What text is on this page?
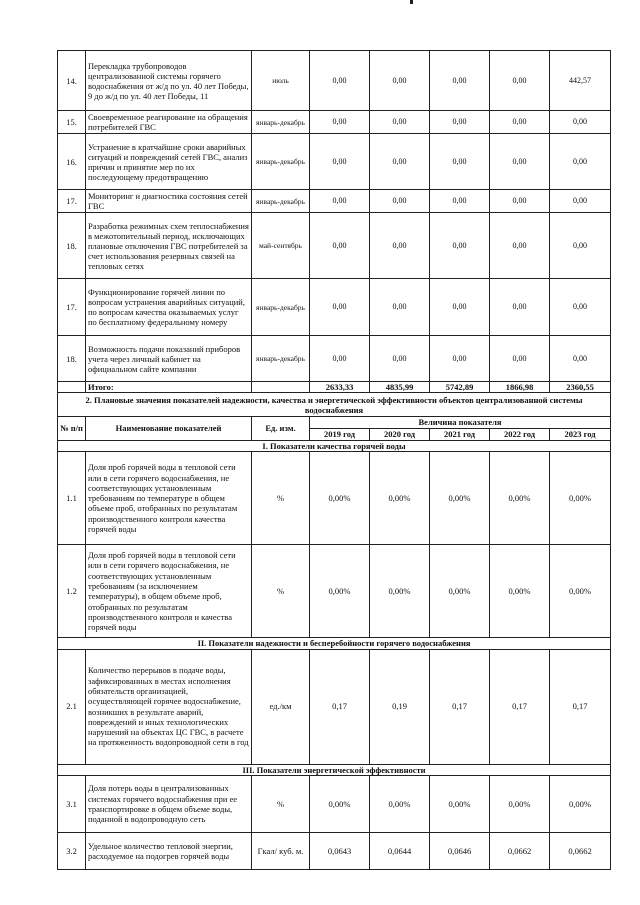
14.	Перекладка трубопроводов централизованной системы горячего водоснабжения от ж/д по ул. 40 лет Победы, 9 до ж/д по ул. 40 лет Победы, 11	июль	0,00	0,00	0,00	0,00	442,57
15.	Своевременное реагирование на обращения потребителей ГВС	январь-декабрь	0,00	0,00	0,00	0,00	0,00
16.	Устранение в кратчайшие сроки аварийных ситуаций и повреждений сетей ГВС, анализ причин и принятие мер по их последующему предотвращению	январь-декабрь	0,00	0,00	0,00	0,00	0,00
17.	Мониторинг и диагностика состояния сетей ГВС	январь-декабрь	0,00	0,00	0,00	0,00	0,00
18.	Разработка режимных схем теплоснабжения в межотопительный период, исключающих плановые отключения ГВС потребителей за счет использования резервных связей на тепловых сетях	май-сентябрь	0,00	0,00	0,00	0,00	0,00
17.	Функционирование горячей линии по вопросам устранения аварийных ситуаций, по вопросам качества оказываемых услуг по бесплатному федеральному номеру	январь-декабрь	0,00	0,00	0,00	0,00	0,00
18.	Возможность подачи показаний приборов учета через личный кабинет на официальном сайте компании	январь-декабрь	0,00	0,00	0,00	0,00	0,00
	Итого:		2633,33	4835,99	5742,89	1866,98	2360,55
2. Плановые значения показателей надежности, качества и энергетической эффективности объектов централизованной системы водоснабжения							
№ п/п	Наименование показателей	Ед. изм.	Величина показателя				
			2019 год	2020 год	2021 год	2022 год	2023 год
I. Показатели качества горячей воды							
1.1	Доля проб горячей воды в тепловой сети или в сети горячего водоснабжения, не соответствующих установленным требованиям по температуре в общем объеме проб, отобранных по результатам производственного контроля качества горячей воды	%	0,00%	0,00%	0,00%	0,00%	0,00%
1.2	Доля проб горячей воды в тепловой сети или в сети горячего водоснабжения, не соответствующих установленным требованиям (за исключением температуры), в общем объеме проб, отобранных по результатам производственного контроля и качества горячей воды	%	0,00%	0,00%	0,00%	0,00%	0,00%
II. Показатели надежности и бесперебойности горячего водоснабжения							
2.1	Количество перерывов в подаче воды, зафиксированных в местах исполнения обязательств организацией, осуществляющей горячее водоснабжение, возникших в результате аварий, повреждений и иных технологических нарушений на объектах ЦС ГВС, в расчете на протяженность водопроводной сети в год	ед./км	0,17	0,19	0,17	0,17	0,17
III. Показатели энергетической эффективности							
3.1	Доля потерь воды в централизованных системах горячего водоснабжения при ее транспортировке в общем объеме воды, поданной в водопроводную сеть	%	0,00%	0,00%	0,00%	0,00%	0,00%
3.2	Удельное количество тепловой энергии, расходуемое на подогрев горячей воды	Гкал/ куб. м.	0,0643	0,0644	0,0646	0,0662	0,0662
